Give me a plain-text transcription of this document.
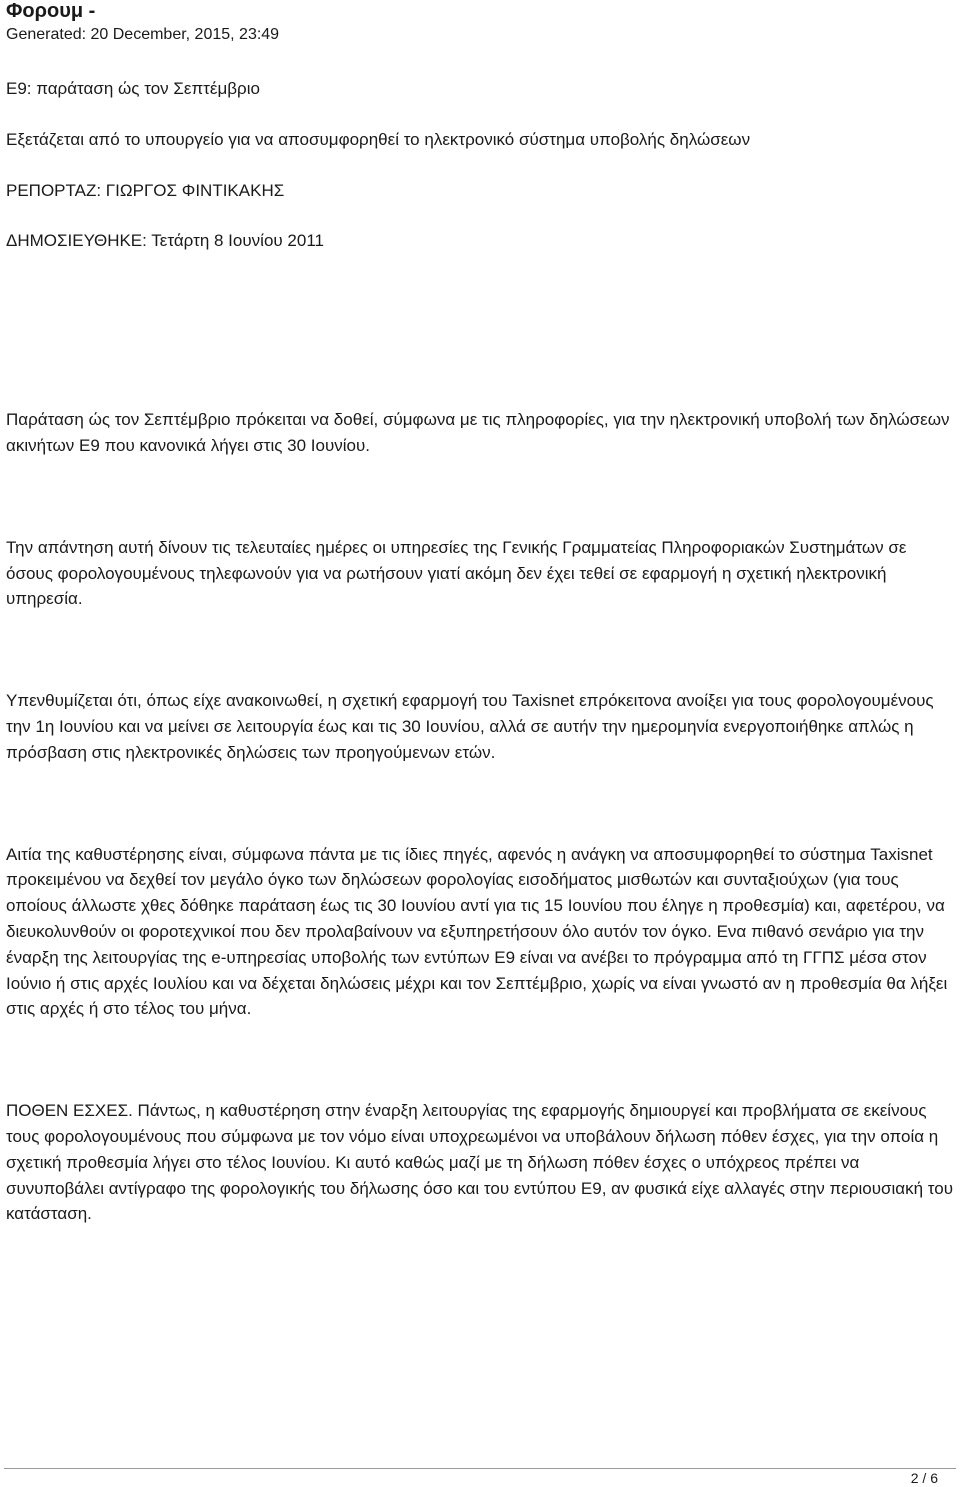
Φορουμ -
Generated: 20 December, 2015, 23:49

Ε9: παράταση ώς τον Σεπτέμβριο

Εξετάζεται από το υπουργείο για να αποσυμφορηθεί το ηλεκτρονικό σύστημα υποβολής δηλώσεων

ΡΕΠΟΡΤΑΖ: ΓΙΩΡΓΟΣ ΦΙΝΤΙΚΑΚΗΣ

ΔΗΜΟΣΙΕΥΘΗΚΕ: Τετάρτη 8 Ιουνίου 2011

Παράταση ώς τον Σεπτέμβριο πρόκειται να δοθεί, σύμφωνα με τις πληροφορίες, για την ηλεκτρονική υποβολή των δηλώσεων ακινήτων Ε9 που κανονικά λήγει στις 30 Ιουνίου.

Την απάντηση αυτή δίνουν τις τελευταίες ημέρες οι υπηρεσίες της Γενικής Γραμματείας Πληροφοριακών Συστημάτων σε όσους φορολογουμένους τηλεφωνούν για να ρωτήσουν γιατί ακόμη δεν έχει τεθεί σε εφαρμογή η σχετική ηλεκτρονική υπηρεσία.

Υπενθυμίζεται ότι, όπως είχε ανακοινωθεί, η σχετική εφαρμογή του Taxisnet επρόκειτονα ανοίξει για τους φορολογουμένους την 1η Ιουνίου και να μείνει σε λειτουργία έως και τις 30 Ιουνίου, αλλά σε αυτήν την ημερομηνία ενεργοποιήθηκε απλώς η πρόσβαση στις ηλεκτρονικές δηλώσεις των προηγούμενων ετών.

Αιτία της καθυστέρησης είναι, σύμφωνα πάντα με τις ίδιες πηγές, αφενός η ανάγκη να αποσυμφορηθεί το σύστημα Taxisnet προκειμένου να δεχθεί τον μεγάλο όγκο των δηλώσεων φορολογίας εισοδήματος μισθωτών και συνταξιούχων (για τους οποίους άλλωστε χθες δόθηκε παράταση έως τις 30 Ιουνίου αντί για τις 15 Ιουνίου που έληγε η προθεσμία) και, αφετέρου, να διευκολυνθούν οι φοροτεχνικοί που δεν προλαβαίνουν να εξυπηρετήσουν όλο αυτόν τον όγκο. Ενα πιθανό σενάριο για την έναρξη της λειτουργίας της e-υπηρεσίας υποβολής των εντύπων Ε9 είναι να ανέβει το πρόγραμμα από τη ΓΓΠΣ μέσα στον Ιούνιο ή στις αρχές Ιουλίου και να δέχεται δηλώσεις μέχρι και τον Σεπτέμβριο, χωρίς να είναι γνωστό αν η προθεσμία θα λήξει στις αρχές ή στο τέλος του μήνα.

ΠΟΘΕΝ ΕΣΧΕΣ. Πάντως, η καθυστέρηση στην έναρξη λειτουργίας της εφαρμογής δημιουργεί και προβλήματα σε εκείνους τους φορολογουμένους που σύμφωνα με τον νόμο είναι υποχρεωμένοι να υποβάλουν δήλωση πόθεν έσχες, για την οποία η σχετική προθεσμία λήγει στο τέλος Ιουνίου. Κι αυτό καθώς μαζί με τη δήλωση πόθεν έσχες ο υπόχρεος πρέπει να συνυποβάλει αντίγραφο της φορολογικής του δήλωσης όσο και του εντύπου Ε9, αν φυσικά είχε αλλαγές στην περιουσιακή του κατάσταση.

2 / 6
